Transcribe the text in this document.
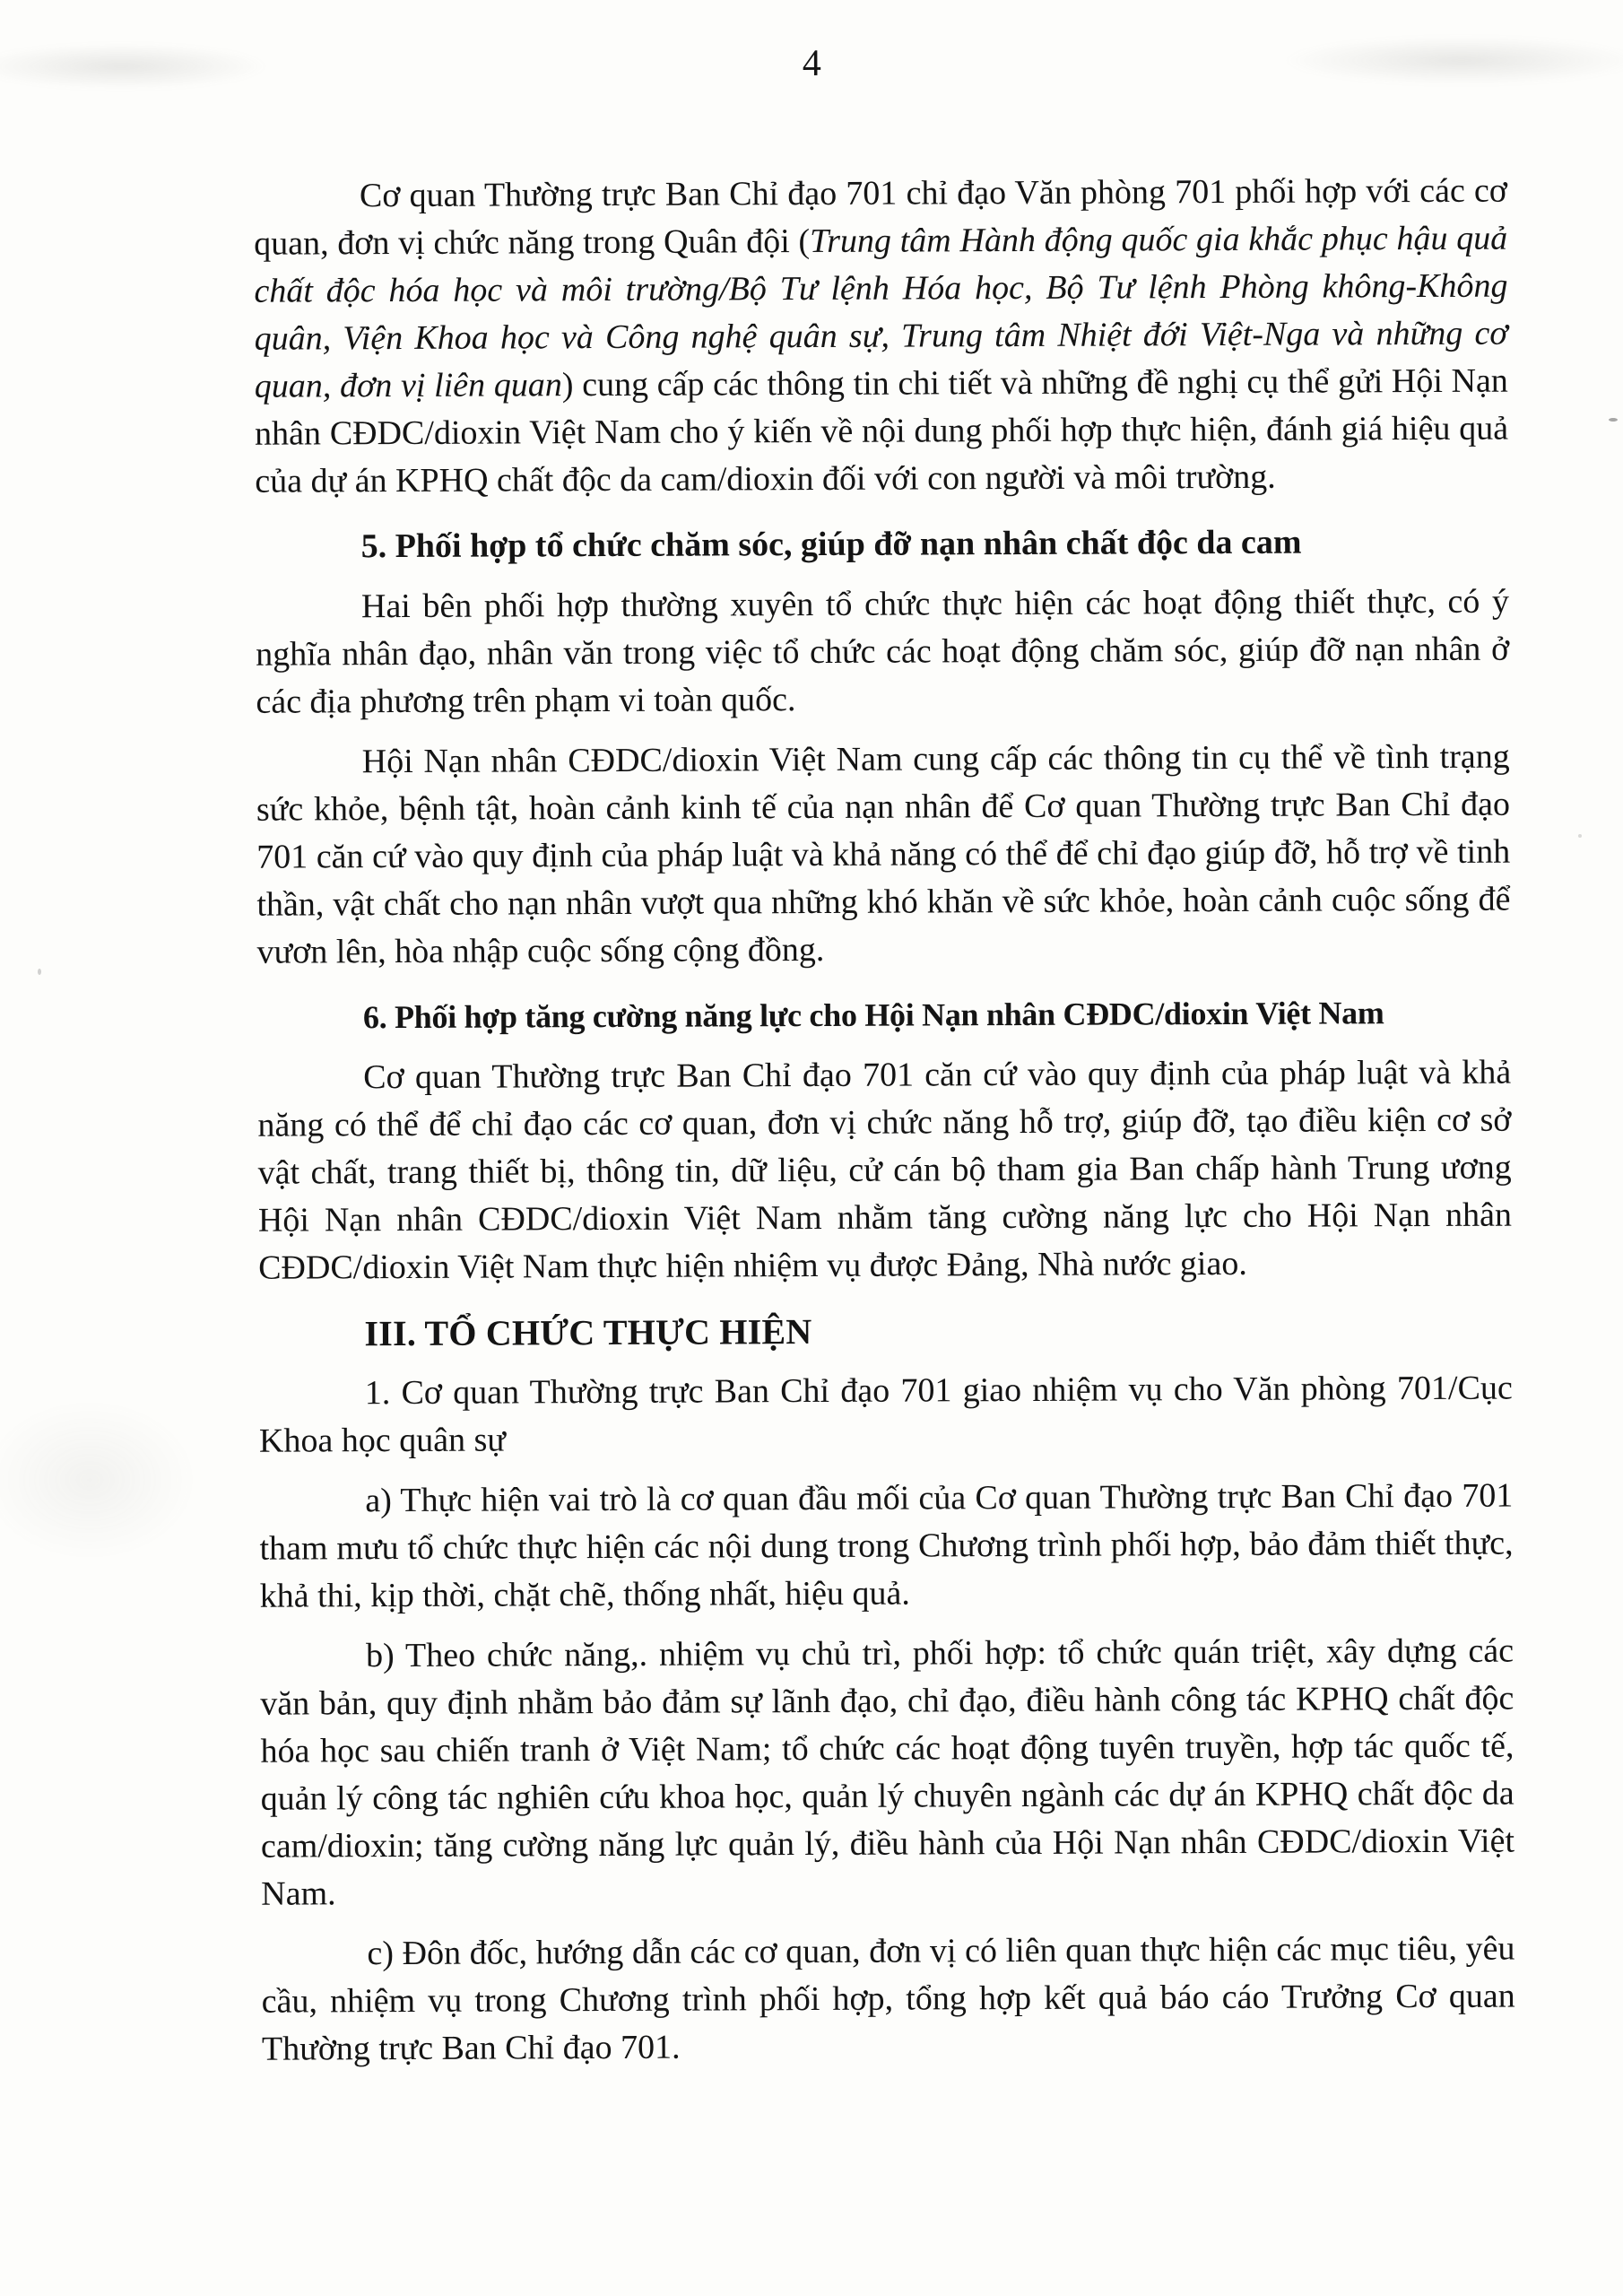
4

Cơ quan Thường trực Ban Chỉ đạo 701 chỉ đạo Văn phòng 701 phối hợp với các cơ quan, đơn vị chức năng trong Quân đội (Trung tâm Hành động quốc gia khắc phục hậu quả chất độc hóa học và môi trường/Bộ Tư lệnh Hóa học, Bộ Tư lệnh Phòng không-Không quân, Viện Khoa học và Công nghệ quân sự, Trung tâm Nhiệt đới Việt-Nga và những cơ quan, đơn vị liên quan) cung cấp các thông tin chi tiết và những đề nghị cụ thể gửi Hội Nạn nhân CĐDC/dioxin Việt Nam cho ý kiến về nội dung phối hợp thực hiện, đánh giá hiệu quả của dự án KPHQ chất độc da cam/dioxin đối với con người và môi trường.

5. Phối hợp tổ chức chăm sóc, giúp đỡ nạn nhân chất độc da cam

Hai bên phối hợp thường xuyên tổ chức thực hiện các hoạt động thiết thực, có ý nghĩa nhân đạo, nhân văn trong việc tổ chức các hoạt động chăm sóc, giúp đỡ nạn nhân ở các địa phương trên phạm vi toàn quốc.

Hội Nạn nhân CĐDC/dioxin Việt Nam cung cấp các thông tin cụ thể về tình trạng sức khỏe, bệnh tật, hoàn cảnh kinh tế của nạn nhân để Cơ quan Thường trực Ban Chỉ đạo 701 căn cứ vào quy định của pháp luật và khả năng có thể để chỉ đạo giúp đỡ, hỗ trợ về tinh thần, vật chất cho nạn nhân vượt qua những khó khăn về sức khỏe, hoàn cảnh cuộc sống để vươn lên, hòa nhập cuộc sống cộng đồng.

6. Phối hợp tăng cường năng lực cho Hội Nạn nhân CĐDC/dioxin Việt Nam

Cơ quan Thường trực Ban Chỉ đạo 701 căn cứ vào quy định của pháp luật và khả năng có thể để chỉ đạo các cơ quan, đơn vị chức năng hỗ trợ, giúp đỡ, tạo điều kiện cơ sở vật chất, trang thiết bị, thông tin, dữ liệu, cử cán bộ tham gia Ban chấp hành Trung ương Hội Nạn nhân CĐDC/dioxin Việt Nam nhằm tăng cường năng lực cho Hội Nạn nhân CĐDC/dioxin Việt Nam thực hiện nhiệm vụ được Đảng, Nhà nước giao.

III. TỔ CHỨC THỰC HIỆN

1. Cơ quan Thường trực Ban Chỉ đạo 701 giao nhiệm vụ cho Văn phòng 701/Cục Khoa học quân sự

a) Thực hiện vai trò là cơ quan đầu mối của Cơ quan Thường trực Ban Chỉ đạo 701 tham mưu tổ chức thực hiện các nội dung trong Chương trình phối hợp, bảo đảm thiết thực, khả thi, kịp thời, chặt chẽ, thống nhất, hiệu quả.

b) Theo chức năng,. nhiệm vụ chủ trì, phối hợp: tổ chức quán triệt, xây dựng các văn bản, quy định nhằm bảo đảm sự lãnh đạo, chỉ đạo, điều hành công tác KPHQ chất độc hóa học sau chiến tranh ở Việt Nam; tổ chức các hoạt động tuyên truyền, hợp tác quốc tế, quản lý công tác nghiên cứu khoa học, quản lý chuyên ngành các dự án KPHQ chất độc da cam/dioxin; tăng cường năng lực quản lý, điều hành của Hội Nạn nhân CĐDC/dioxin Việt Nam.

c) Đôn đốc, hướng dẫn các cơ quan, đơn vị có liên quan thực hiện các mục tiêu, yêu cầu, nhiệm vụ trong Chương trình phối hợp, tổng hợp kết quả báo cáo Trưởng Cơ quan Thường trực Ban Chỉ đạo 701.
